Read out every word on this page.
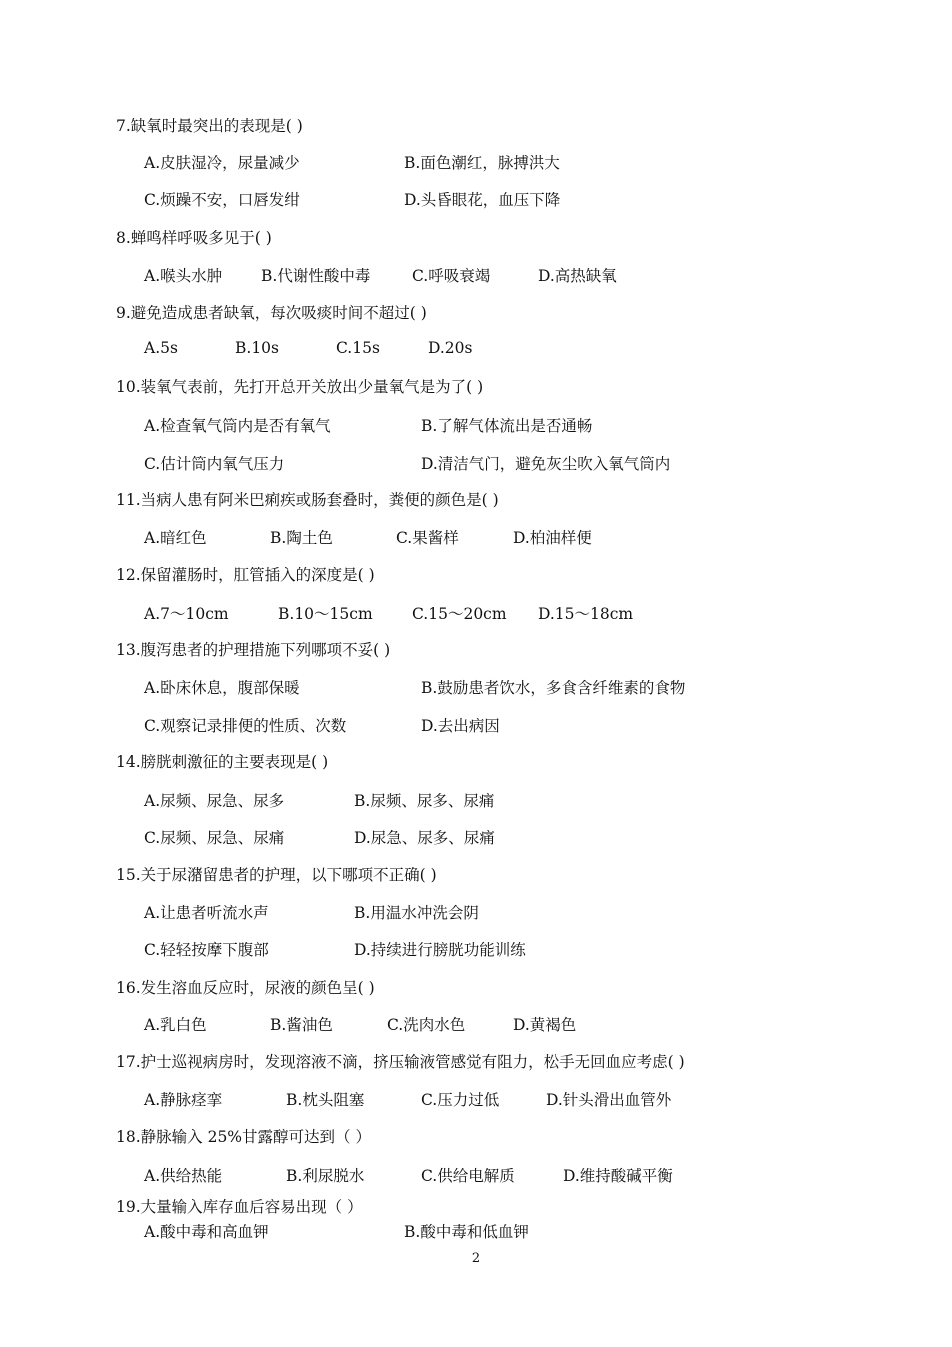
7.缺氧时最突出的表现是( )
A.皮肤湿冷，尿量减少	B.面色潮红，脉搏洪大
C.烦躁不安，口唇发绀	D.头昏眼花，血压下降
8.蝉鸣样呼吸多见于( )
A.喉头水肿	B.代谢性酸中毒	C.呼吸衰竭	D.高热缺氧
9.避免造成患者缺氧，每次吸痰时间不超过( )
A.5s	B.10s	C.15s	D.20s
10.装氧气表前，先打开总开关放出少量氧气是为了( )
A.检查氧气筒内是否有氧气	B.了解气体流出是否通畅
C.估计筒内氧气压力	D.清洁气门，避免灰尘吹入氧气筒内
11.当病人患有阿米巴痢疾或肠套叠时，粪便的颜色是( )
A.暗红色	B.陶土色	C.果酱样	D.柏油样便
12.保留灌肠时，肛管插入的深度是( )
A.7～10cm	B.10～15cm	C.15～20cm D.15～18cm
13.腹泻患者的护理措施下列哪项不妥( )
A.卧床休息，腹部保暖	B.鼓励患者饮水，多食含纤维素的食物
C.观察记录排便的性质、次数	D.去出病因
14.膀胱刺激征的主要表现是( )
A.尿频、尿急、尿多	B.尿频、尿多、尿痛
C.尿频、尿急、尿痛	D.尿急、尿多、尿痛
15.关于尿潴留患者的护理，以下哪项不正确( )
A.让患者听流水声	B.用温水冲洗会阴
C.轻轻按摩下腹部	D.持续进行膀胱功能训练
16.发生溶血反应时，尿液的颜色呈( )
A.乳白色	B.酱油色	C.洗肉水色	D.黄褐色
17.护士巡视病房时，发现溶液不滴，挤压输液管感觉有阻力，松手无回血应考虑( )
A.静脉痉挛	B.枕头阻塞	C.压力过低	D.针头滑出血管外
18.静脉输入 25%甘露醇可达到（ ）
A.供给热能	B.利尿脱水	C.供给电解质	D.维持酸碱平衡
19.大量输入库存血后容易出现（ ）
A.酸中毒和高血钾	B.酸中毒和低血钾
2
